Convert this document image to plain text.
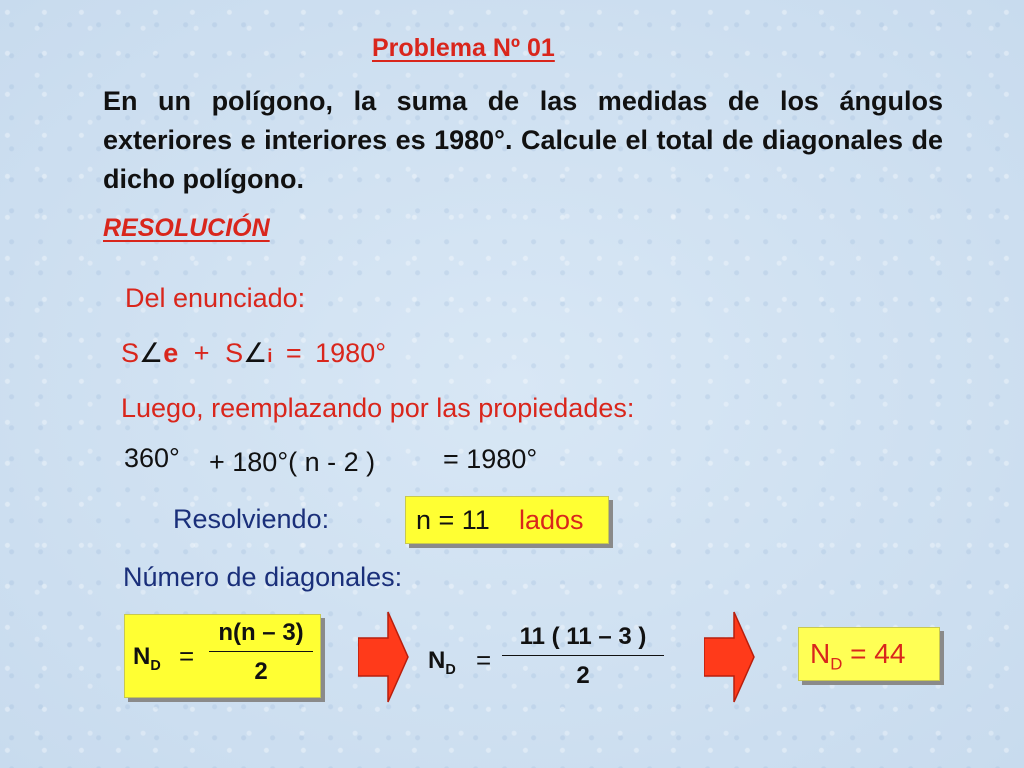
Problema Nº 01
En un polígono, la suma de las medidas de los ángulos exteriores e interiores es 1980°. Calcule el total de diagonales de dicho polígono.
RESOLUCIÓN
Del enunciado:
S∠e + S∠i = 1980°
Luego, reemplazando por las propiedades:
360° + 180°( n - 2 )	= 1980°
Resolviendo:	n = 11 lados
Número de diagonales:
$N_D = \frac{n(n - 3)}{2}$	$N_D = \frac{11 ( 11 - 3 )}{2}$	$N_D = 44$
